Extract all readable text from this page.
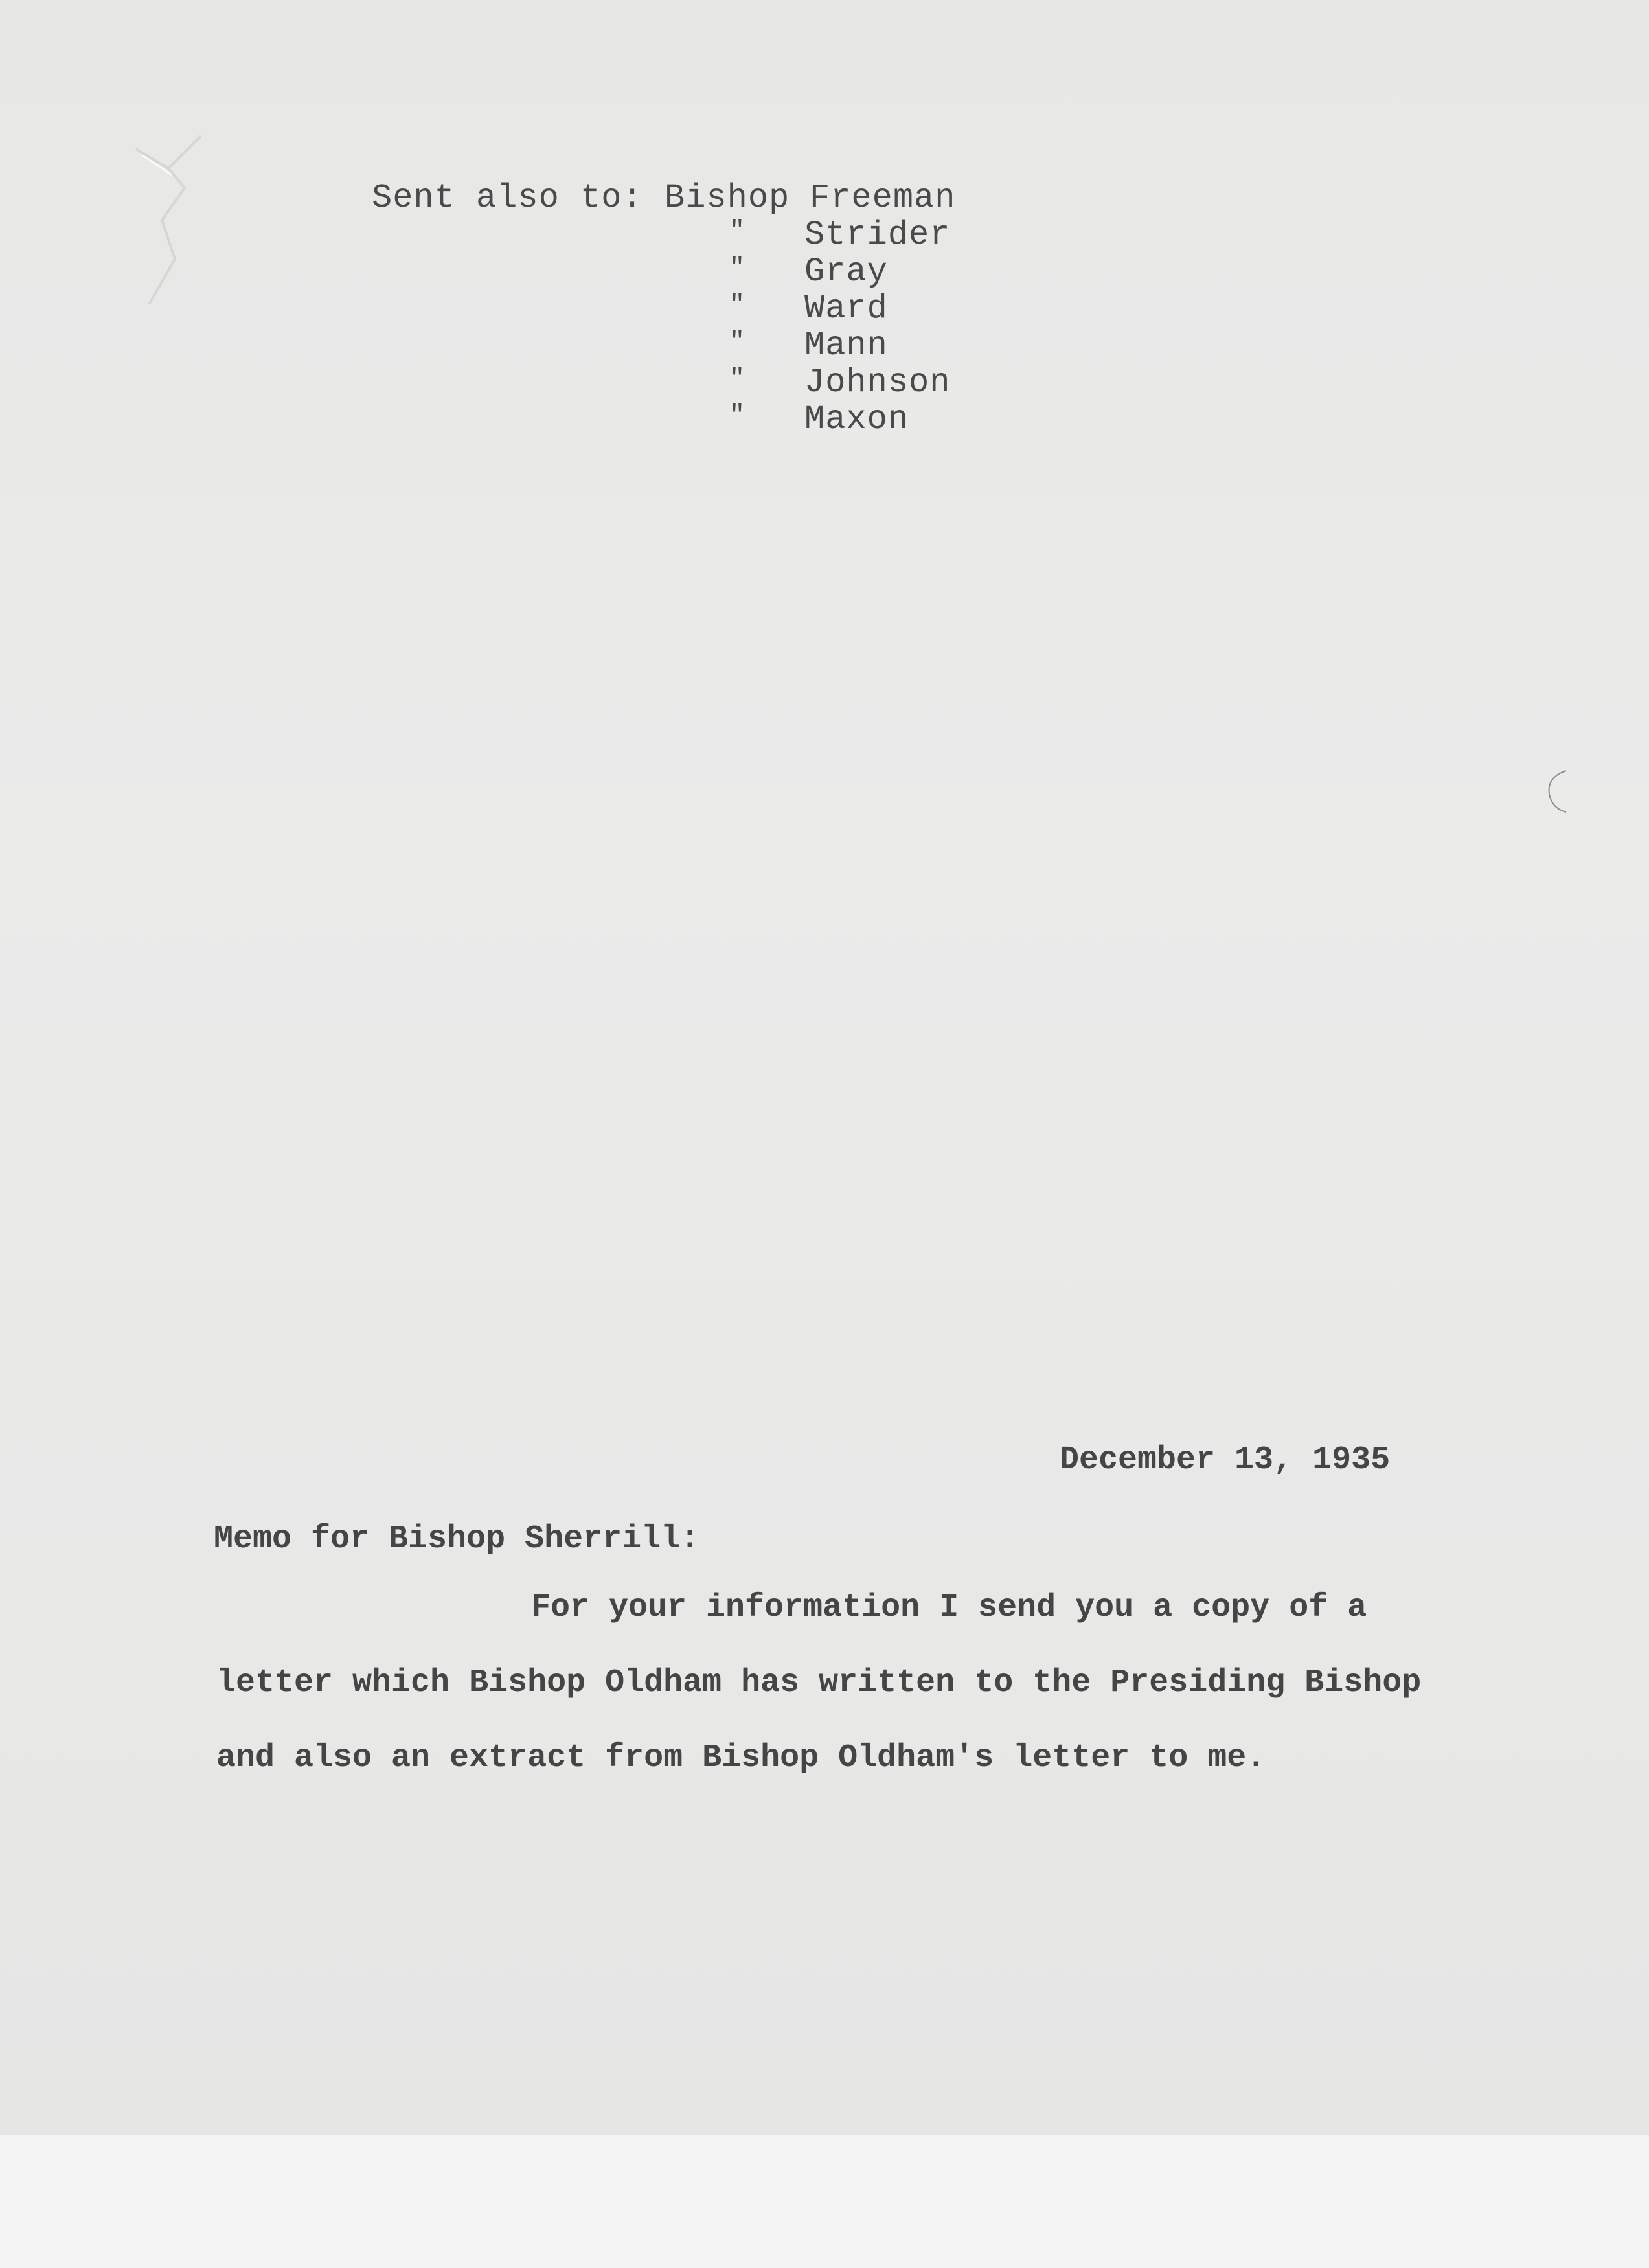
Sent also to: Bishop Freeman
" Strider
" Gray
" Ward
" Mann
" Johnson
" Maxon
December 13, 1935
Memo for Bishop Sherrill:
For your information I send you a copy of a
letter which Bishop Oldham has written to the Presiding Bishop
and also an extract from Bishop Oldham's letter to me.
